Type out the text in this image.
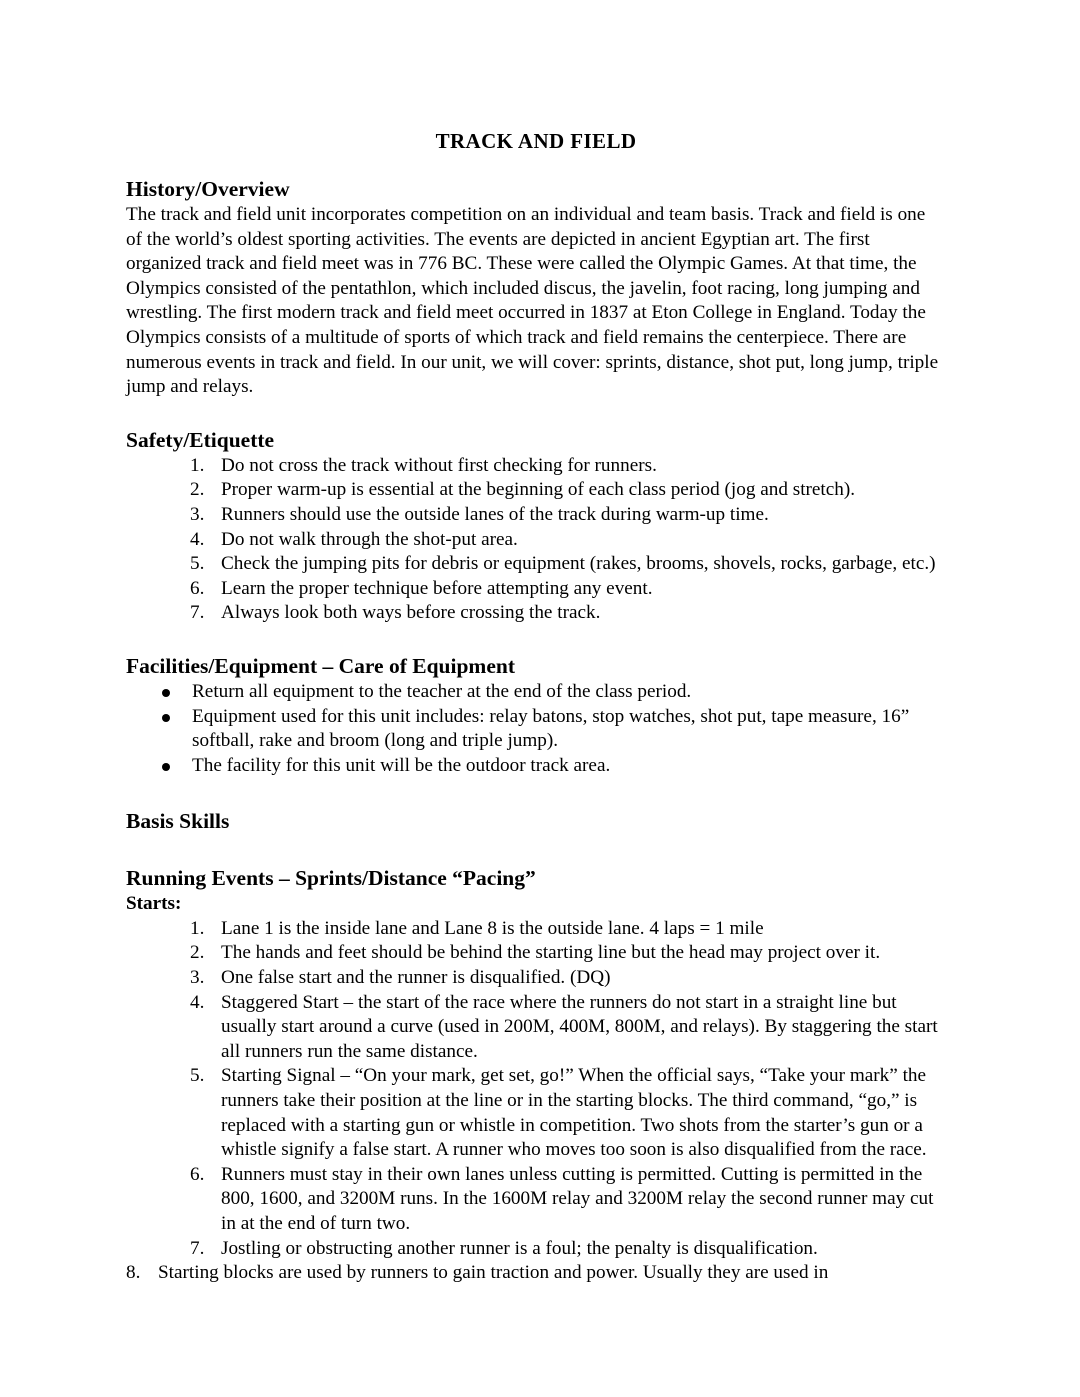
TRACK AND FIELD
History/Overview

The track and field unit incorporates competition on an individual and team basis. Track and field is one of the world’s oldest sporting activities. The events are depicted in ancient Egyptian art. The first organized track and field meet was in 776 BC. These were called the Olympic Games. At that time, the Olympics consisted of the pentathlon, which included discus, the javelin, foot racing, long jumping and wrestling. The first modern track and field meet occurred in 1837 at Eton College in England. Today the Olympics consists of a multitude of sports of which track and field remains the centerpiece. There are numerous events in track and field. In our unit, we will cover: sprints, distance, shot put, long jump, triple jump and relays.

Safety/Etiquette
1. Do not cross the track without first checking for runners.
2. Proper warm-up is essential at the beginning of each class period (jog and stretch).
3. Runners should use the outside lanes of the track during warm-up time.
4. Do not walk through the shot-put area.
5. Check the jumping pits for debris or equipment (rakes, brooms, shovels, rocks, garbage, etc.)
6. Learn the proper technique before attempting any event.
7. Always look both ways before crossing the track.
Facilities/Equipment – Care of Equipment
Return all equipment to the teacher at the end of the class period.
Equipment used for this unit includes: relay batons, stop watches, shot put, tape measure, 16” softball, rake and broom (long and triple jump).
The facility for this unit will be the outdoor track area.
Basis Skills
Running Events – Sprints/Distance “Pacing”
Starts:
1. Lane 1 is the inside lane and Lane 8 is the outside lane. 4 laps = 1 mile
2. The hands and feet should be behind the starting line but the head may project over it.
3. One false start and the runner is disqualified. (DQ)
4. Staggered Start – the start of the race where the runners do not start in a straight line but usually start around a curve (used in 200M, 400M, 800M, and relays). By staggering the start all runners run the same distance.
5. Starting Signal – “On your mark, get set, go!” When the official says, “Take your mark” the runners take their position at the line or in the starting blocks. The third command, “go,” is replaced with a starting gun or whistle in competition. Two shots from the starter’s gun or a whistle signify a false start. A runner who moves too soon is also disqualified from the race.
6. Runners must stay in their own lanes unless cutting is permitted. Cutting is permitted in the 800, 1600, and 3200M runs. In the 1600M relay and 3200M relay the second runner may cut in at the end of turn two.
7. Jostling or obstructing another runner is a foul; the penalty is disqualification.
8. Starting blocks are used by runners to gain traction and power. Usually they are used in
